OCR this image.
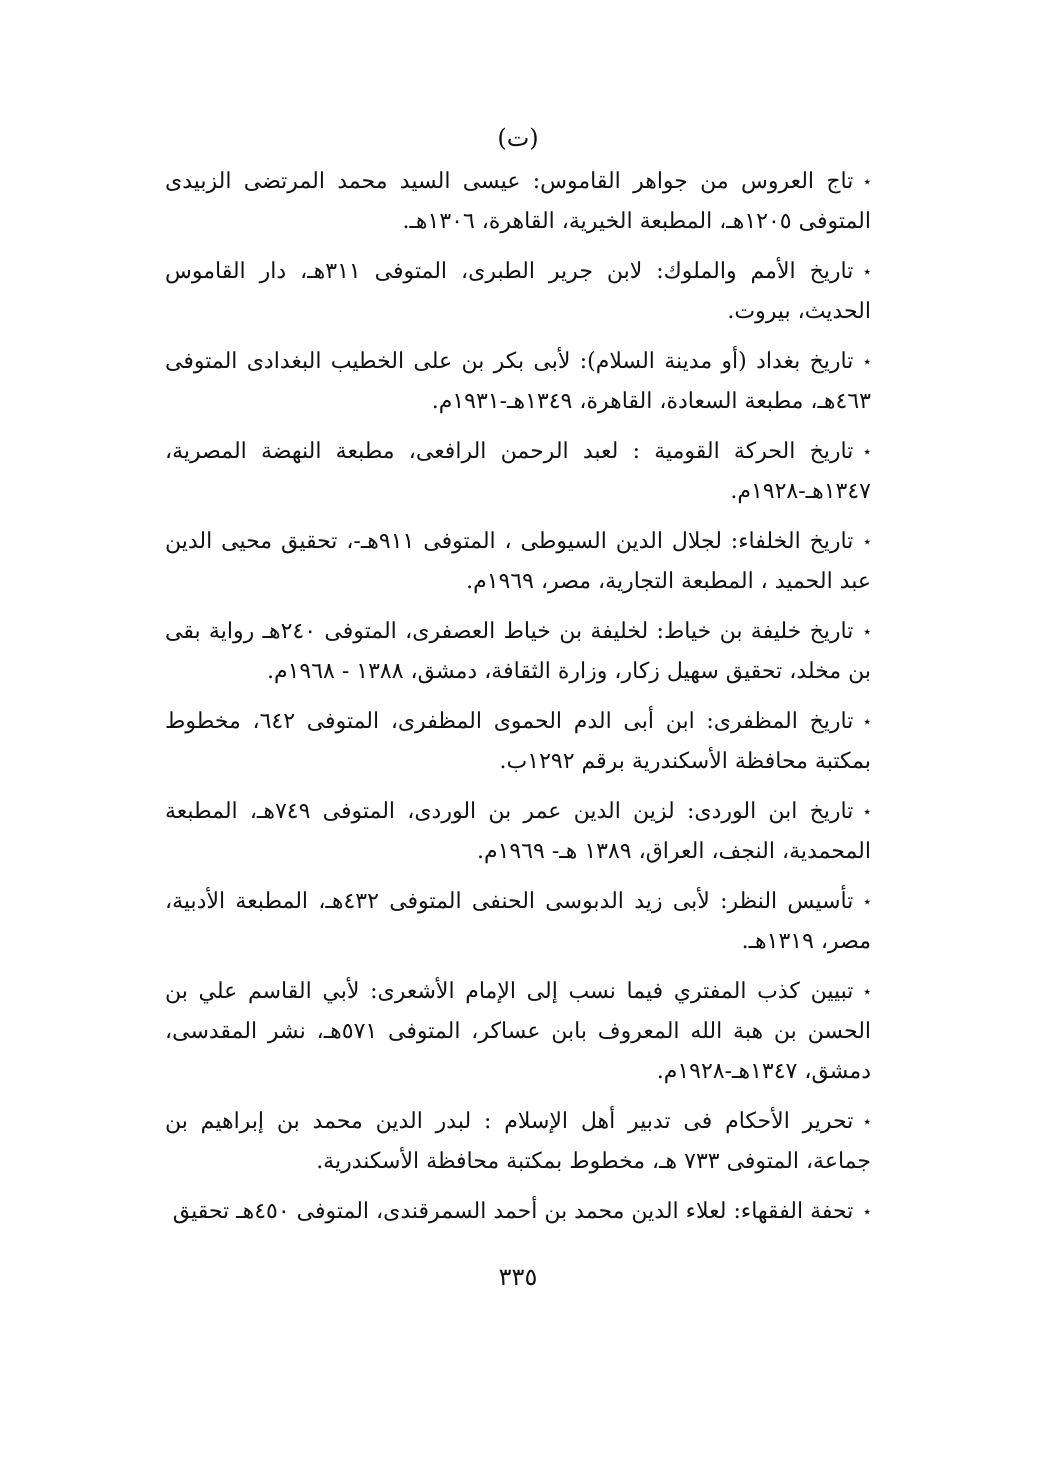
(ت)
٭تاج العروس من جواهر القاموس: عيسى السيد محمد المرتضى الزبيدى المتوفى ١٢٠٥هـ، المطبعة الخيرية، القاهرة، ١٣٠٦هـ.
٭تاريخ الأمم والملوك: لابن جرير الطبرى، المتوفى ٣١١هـ، دار القاموس الحديث، بيروت.
٭تاريخ بغداد (أو مدينة السلام): لأبى بكر بن على الخطيب البغدادى المتوفى ٤٦٣هـ، مطبعة السعادة، القاهرة، ١٣٤٩هـ-١٩٣١م.
٭تاريخ الحركة القومية : لعبد الرحمن الرافعى، مطبعة النهضة المصرية، ١٣٤٧هـ-١٩٢٨م.
٭تاريخ الخلفاء: لجلال الدين السيوطى ، المتوفى ٩١١هـ-، تحقيق محيى الدين عبد الحميد ، المطبعة التجارية، مصر، ١٩٦٩م.
٭تاريخ خليفة بن خياط: لخليفة بن خياط العصفرى، المتوفى ٢٤٠هـ رواية بقى بن مخلد، تحقيق سهيل زكار، وزارة الثقافة، دمشق، ١٣٨٨ - ١٩٦٨م.
٭تاريخ المظفرى: ابن أبى الدم الحموى المظفرى، المتوفى ٦٤٢، مخطوط بمكتبة محافظة الأسكندرية برقم ١٢٩٢ب.
٭تاريخ ابن الوردى: لزين الدين عمر بن الوردى، المتوفى ٧٤٩هـ، المطبعة المحمدية، النجف، العراق، ١٣٨٩ هـ- ١٩٦٩م.
٭تأسيس النظر: لأبى زيد الدبوسى الحنفى المتوفى ٤٣٢هـ، المطبعة الأدبية، مصر، ١٣١٩هـ.
٭تبيين كذب المفتري فيما نسب إلى الإمام الأشعرى: لأبي القاسم علي بن الحسن بن هبة الله المعروف بابن عساكر، المتوفى ٥٧١هـ، نشر المقدسى، دمشق، ١٣٤٧هـ-١٩٢٨م.
٭تحرير الأحكام فى تدبير أهل الإسلام : لبدر الدين محمد بن إبراهيم بن جماعة، المتوفى ٧٣٣ هـ، مخطوط بمكتبة محافظة الأسكندرية.
٭تحفة الفقهاء: لعلاء الدين محمد بن أحمد السمرقندى، المتوفى ٤٥٠هـ تحقيق
٣٣٥
